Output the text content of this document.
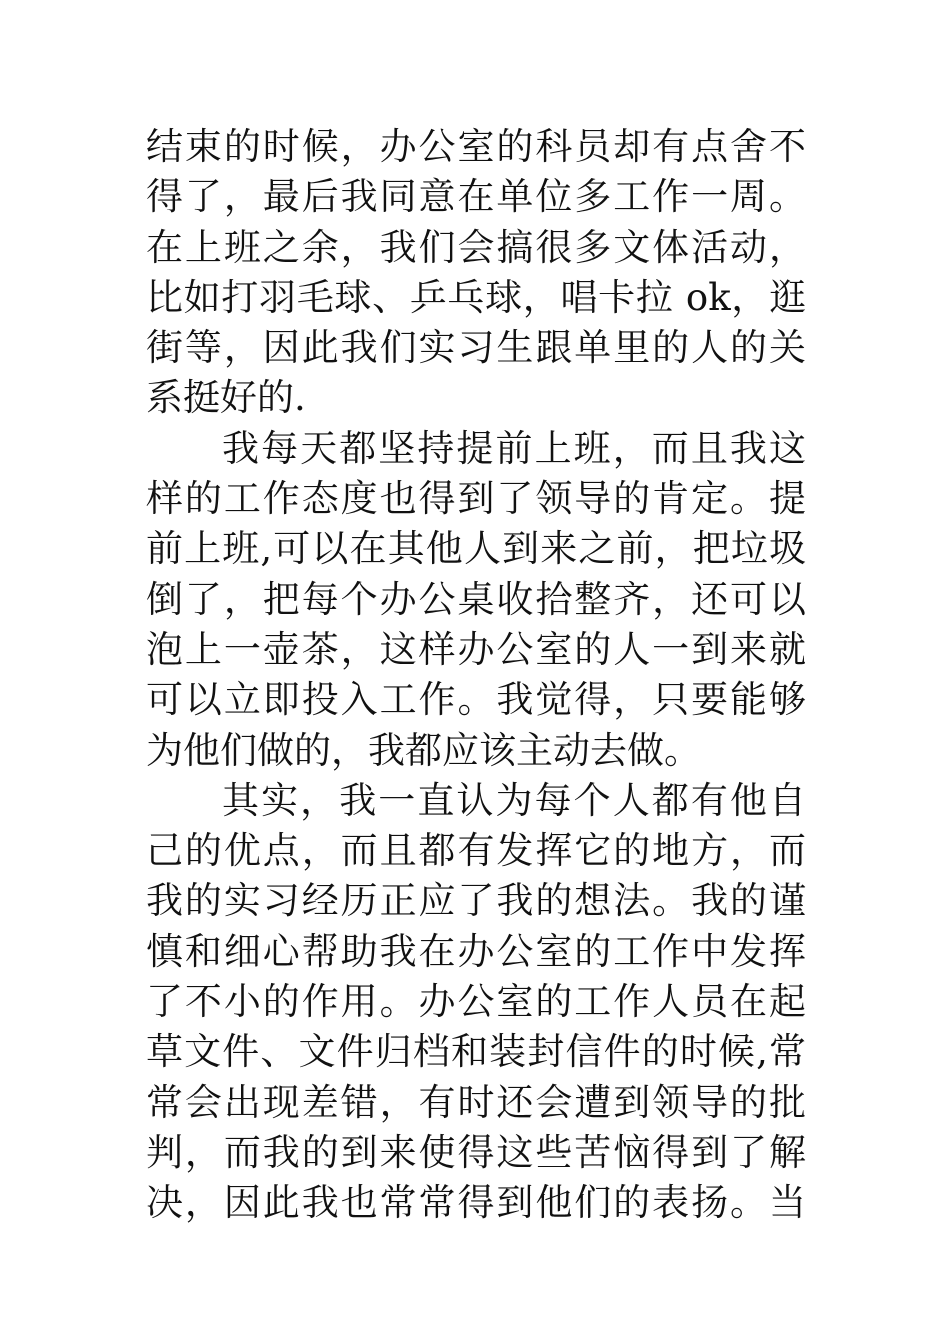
结束的时候，办公室的科员却有点舍不
得了，最后我同意在单位多工作一周。
在上班之余，我们会搞很多文体活动，
比如打羽毛球、乒乓球，唱卡拉 ok，逛
街等，因此我们实习生跟单里的人的关
系挺好的.
我每天都坚持提前上班，而且我这
样的工作态度也得到了领导的肯定。提
前上班,可以在其他人到来之前，把垃圾
倒了，把每个办公桌收拾整齐，还可以
泡上一壶茶，这样办公室的人一到来就
可以立即投入工作。我觉得，只要能够
为他们做的，我都应该主动去做。
其实，我一直认为每个人都有他自
己的优点，而且都有发挥它的地方，而
我的实习经历正应了我的想法。我的谨
慎和细心帮助我在办公室的工作中发挥
了不小的作用。办公室的工作人员在起
草文件、文件归档和装封信件的时候,常
常会出现差错，有时还会遭到领导的批
判，而我的到来使得这些苦恼得到了解
决，因此我也常常得到他们的表扬。当
